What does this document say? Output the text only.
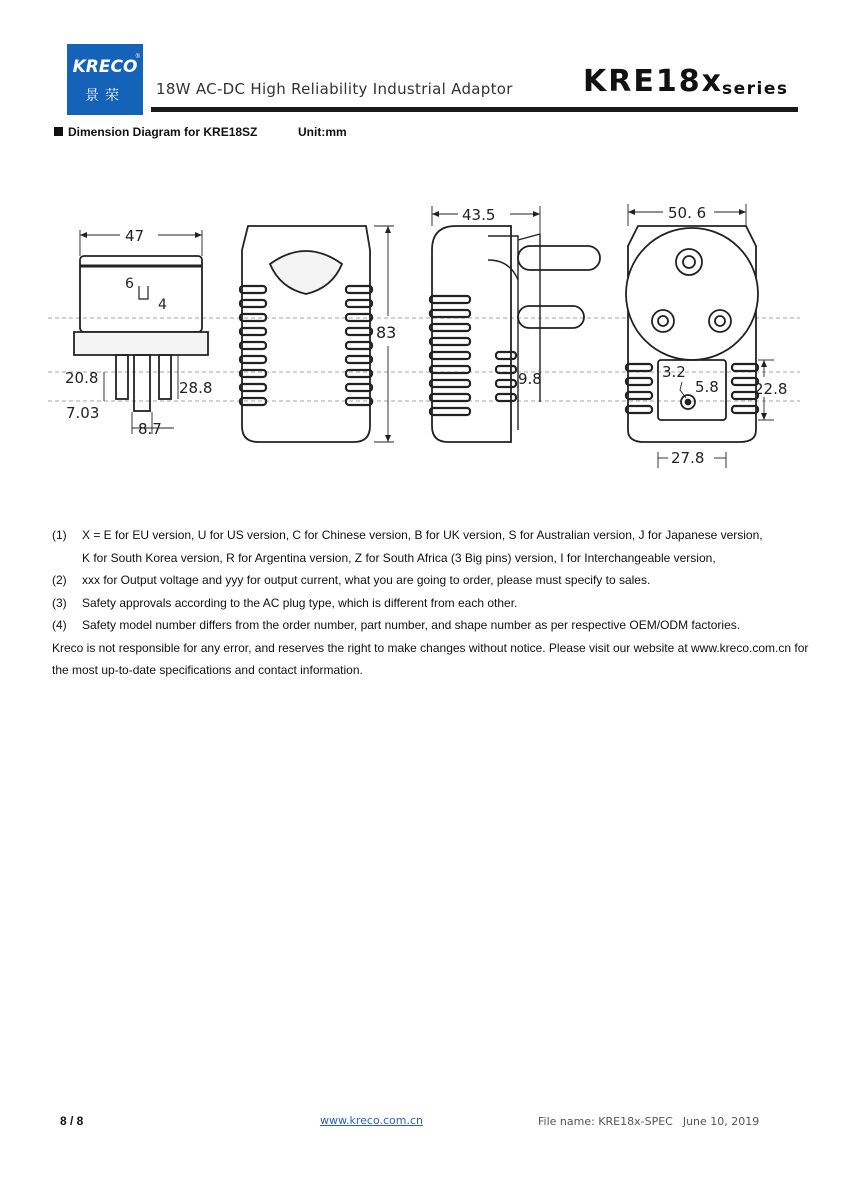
KRECO
®
景荣	18W AC-DC High Reliability Industrial Adaptor KRE18x series
Dimension Diagram for KRE18SZ	Unit:mm
47
6
4
20.8
28.8
7.03
8.7
83
43.5
9.8
50. 6
3.2
5.8 22.8
27.8
(1) X = E for EU version, U for US version, C for Chinese version, B for UK version, S for Australian version, J for Japanese version,
K for South Korea version, R for Argentina version, Z for South Africa (3 Big pins) version, I for Interchangeable version,
(2) xxx for Output voltage and yyy for output current, what you are going to order, please must specify to sales.
(3) Safety approvals according to the AC plug type, which is different from each other.
(4) Safety model number differs from the order number, part number, and shape number as per respective OEM/ODM factories.
Kreco is not responsible for any error, and reserves the right to make changes without notice. Please visit our website at www.kreco.com.cn for the most up-to-date specifications and contact information.
8 / 8	www.kreco.com.cn	File name: KRE18x-SPEC June 10, 2019
